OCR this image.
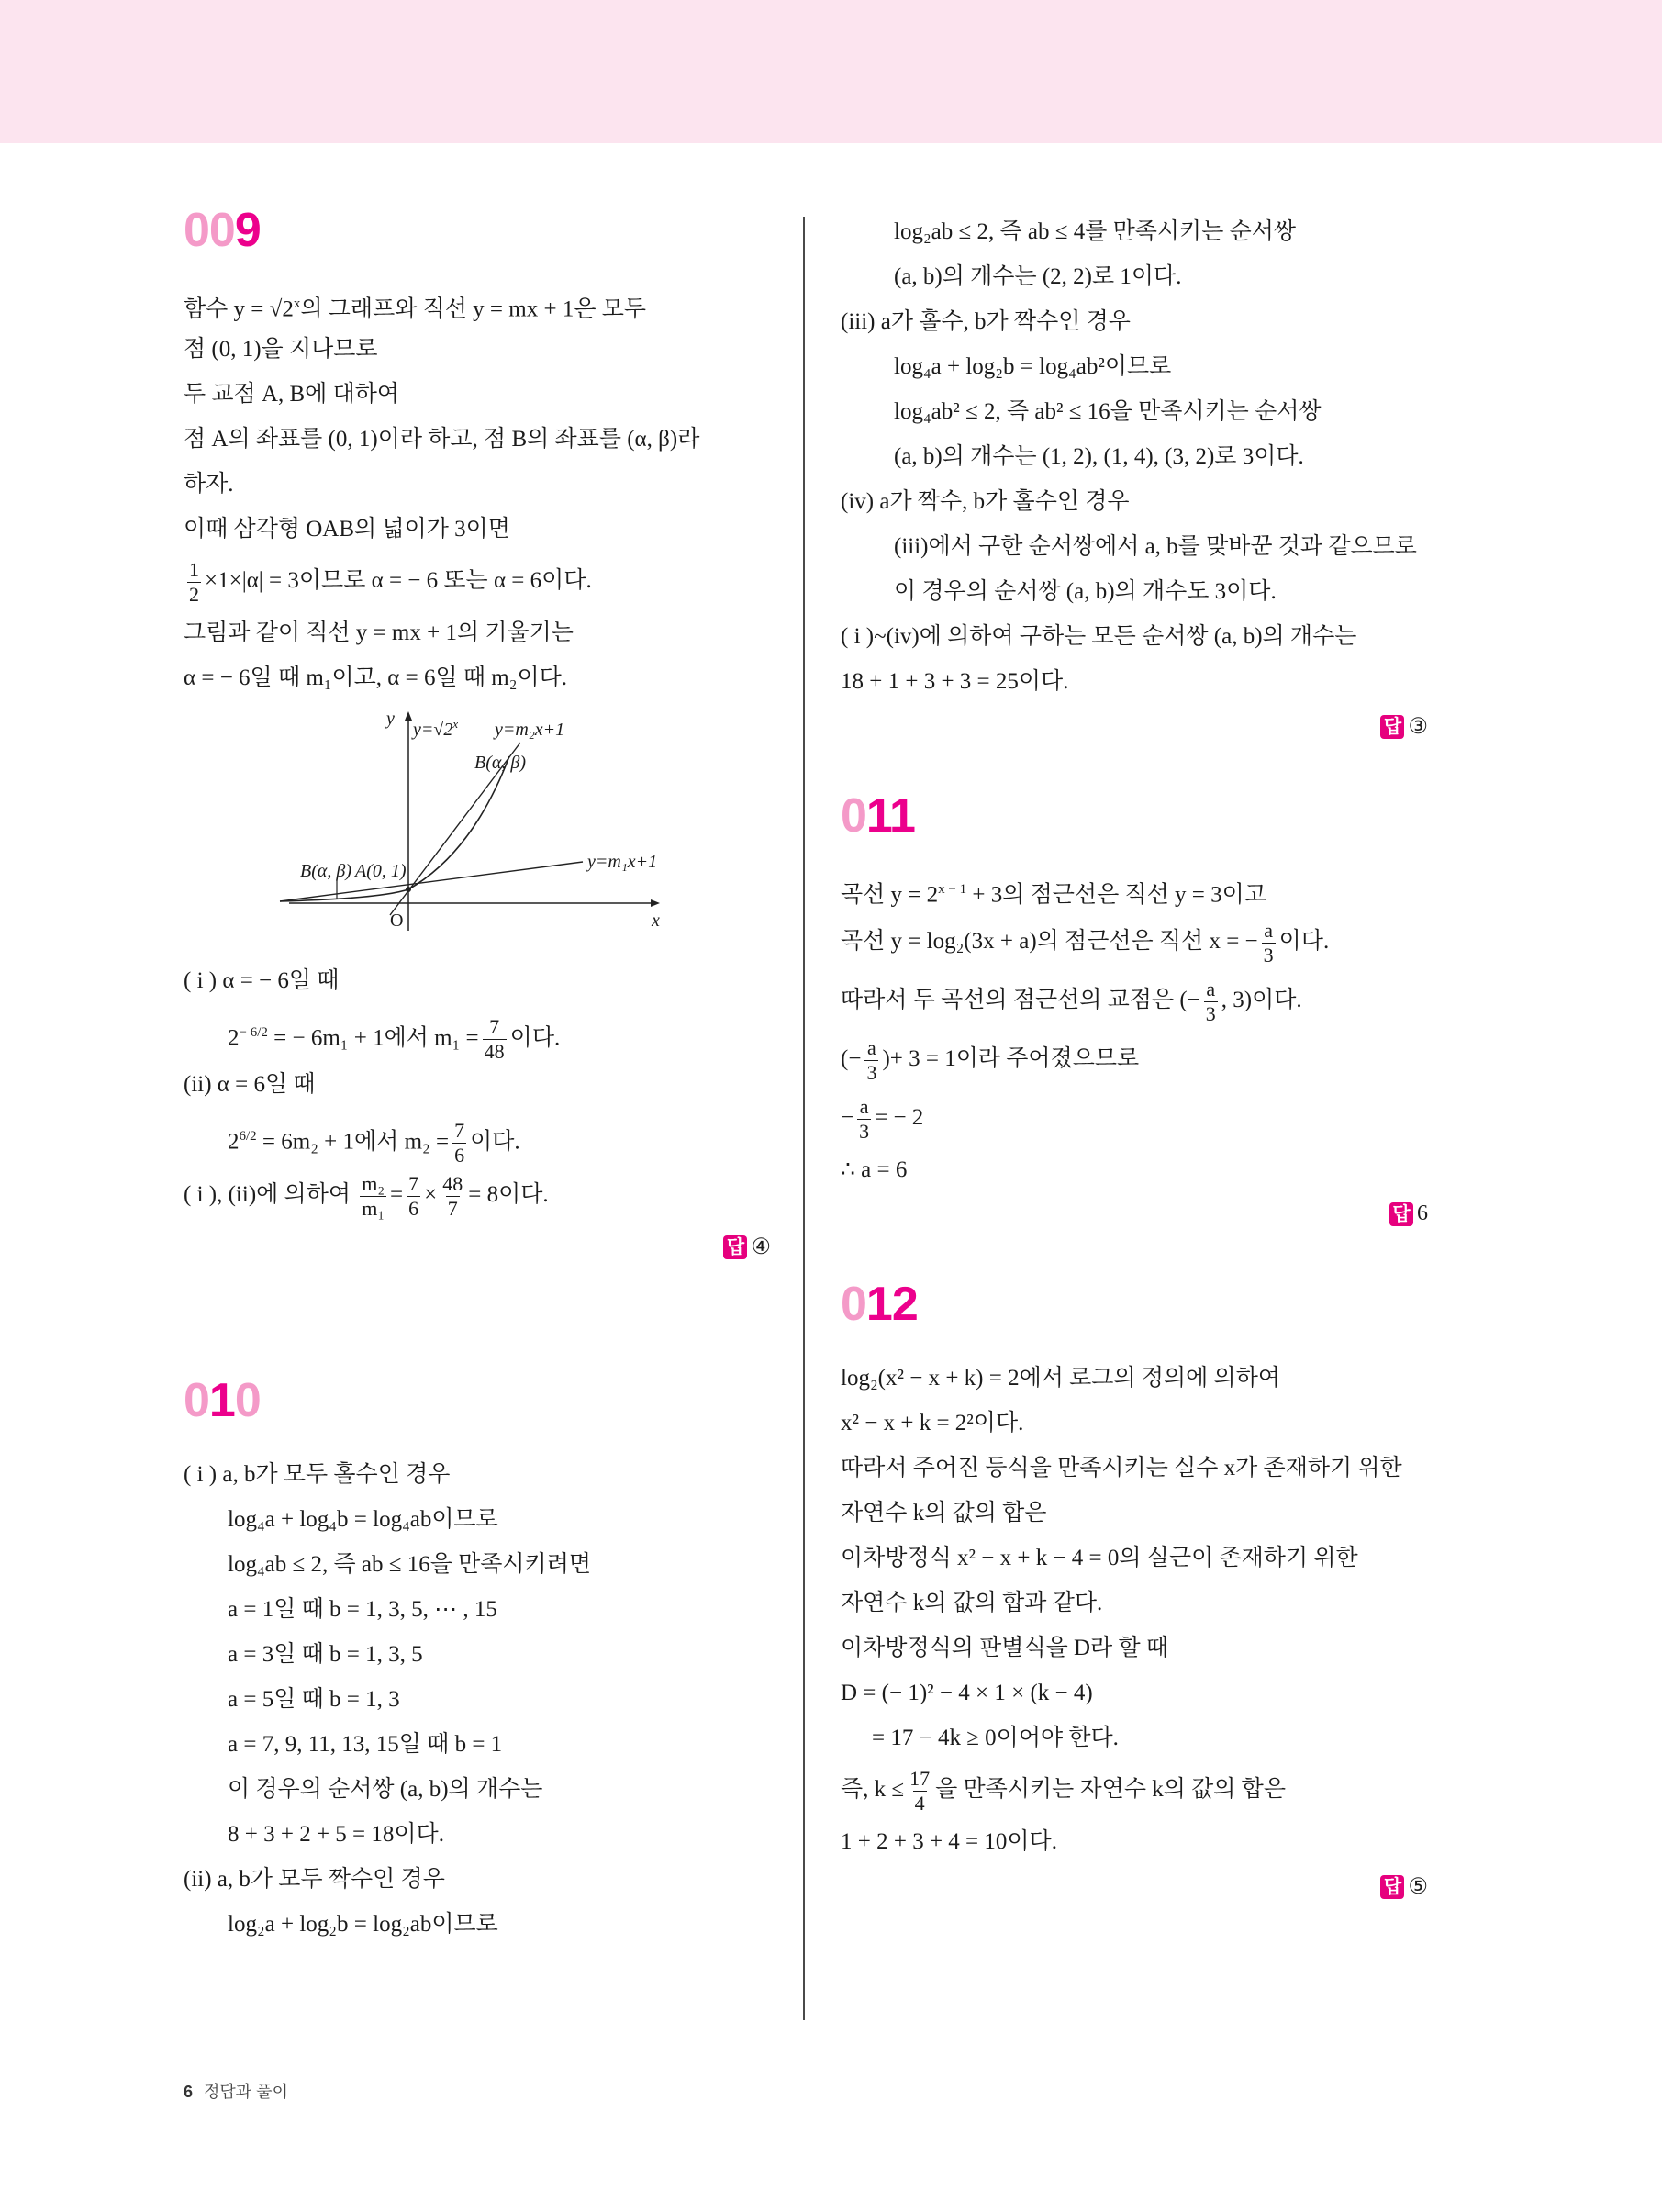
009
함수 $y = √2^x$의 그래프와 직선 y = mx + 1은 모두
점 (0, 1)을 지나므로
두 교점 A, B에 대하여
점 A의 좌표를 (0, 1)이라 하고, 점 B의 좌표를 (α, β)라
하자.
이때 삼각형 OAB의 넓이가 3이면
$\frac{1}{2} \times 1\times|\alpha| = 3$이므로 α = − 6 또는 α = 6이다.
그림과 같이 직선 y = mx + 1의 기울기는
α = − 6일 때 m₁이고, α = 6일 때 m₂이다.
y
x
O
$y=√2^x$ y=m₂x+1
y=m₁x+1
B(α, β)
B(α, β) A(0, 1)
( i ) α = − 6일 때
$2^{- 6/2}$ = − 6m₁ + 1에서 $m_1 = \frac{7}{48}$ 이다.
(ii) α = 6일 때
$2^{6/2} = 6m_2 + 1$에서 $m_2 = \frac{7}{6}$ 이다.
( i ), (ii)에 의하여 $\frac{\text{m₂}}{\text{m₁}} = \frac{7}{6} \times \frac{48}{7} = 8$이다.
답 ④
010
( i ) a, b가 모두 홀수인 경우
log₄a + log₄b = log₄ab이므로
log₄ab ≤ 2, 즉 ab ≤ 16을 만족시키려면
a = 1일 때 b = 1, 3, 5, ⋯ , 15
a = 3일 때 b = 1, 3, 5
a = 5일 때 b = 1, 3
a = 7, 9, 11, 13, 15일 때 b = 1
이 경우의 순서쌍 (a, b)의 개수는
8 + 3 + 2 + 5 = 18이다.
(ii) a, b가 모두 짝수인 경우
log₂a + log₂b = log₂ab이므로
log₂ab ≤ 2, 즉 ab ≤ 4를 만족시키는 순서쌍
(a, b)의 개수는 (2, 2)로 1이다.
(iii) a가 홀수, b가 짝수인 경우
log₄a + log₂b = log₄ab²이므로
log₄ab² ≤ 2, 즉 ab² ≤ 16을 만족시키는 순서쌍
(a, b)의 개수는 (1, 2), (1, 4), (3, 2)로 3이다.
(iv) a가 짝수, b가 홀수인 경우
(iii)에서 구한 순서쌍에서 a, b를 맞바꾼 것과 같으므로
이 경우의 순서쌍 (a, b)의 개수도 3이다.
( i )~(iv)에 의하여 구하는 모든 순서쌍 (a, b)의 개수는
18 + 1 + 3 + 3 = 25이다.
답 ③
011
곡선 $y = 2^{x - 1} + 3$의 점근선은 직선 y = 3이고
곡선 y = log₂(3x + a)의 점근선은 직선 x = − $\frac{a}{3}$ 이다.
따라서 두 곡선의 점근선의 교점은 (− $\frac{a}{3}$ , 3)이다.
(− $\frac{a}{3}$ )+ 3 = 1이라 주어졌으므로
− $\frac{a}{3}$ = − 2
∴ a = 6
답 6
012
log₂(x² − x + k) = 2에서 로그의 정의에 의하여
x² − x + k = 2²이다.
따라서 주어진 등식을 만족시키는 실수 x가 존재하기 위한
자연수 k의 값의 합은
이차방정식 x² − x + k − 4 = 0의 실근이 존재하기 위한
자연수 k의 값의 합과 같다.
이차방정식의 판별식을 D라 할 때
D = (− 1)² − 4 × 1 × (k − 4)
= 17 − 4k ≥ 0이어야 한다.
즉, $k \le \frac{17}{4}$ 을 만족시키는 자연수 k의 값의 합은
1 + 2 + 3 + 4 = 10이다.
답 ⑤
6 정답과 풀이
